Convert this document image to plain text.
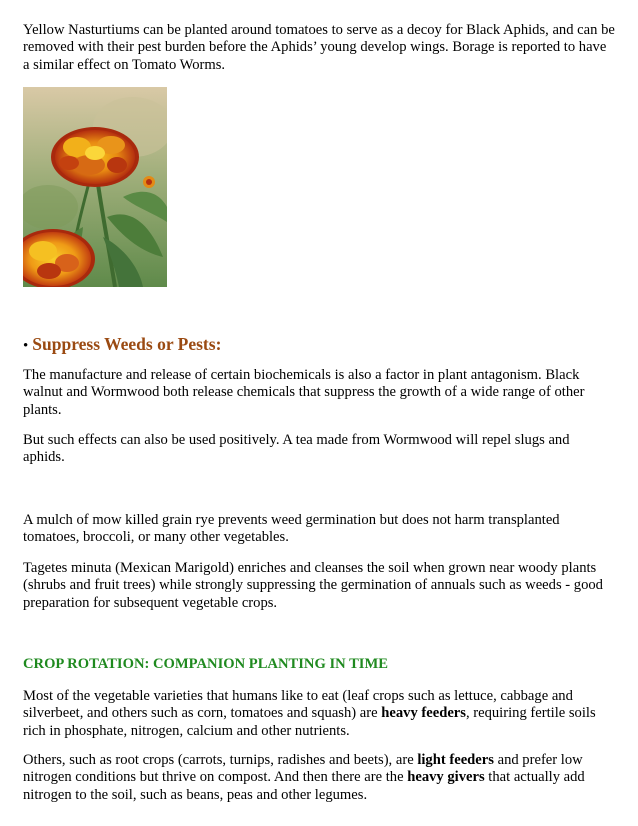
Yellow Nasturtiums can be planted around tomatoes to serve as a decoy for Black Aphids, and can be removed with their pest burden before the Aphids’ young develop wings. Borage is reported to have a similar effect on Tomato Worms.

• Suppress Weeds or Pests:

The manufacture and release of certain biochemicals is also a factor in plant antagonism. Black walnut and Wormwood both release chemicals that suppress the growth of a wide range of other plants.

But such effects can also be used positively. A tea made from Wormwood will repel slugs and aphids.

A mulch of mow killed grain rye prevents weed germination but does not harm transplanted tomatoes, broccoli, or many other vegetables.

Tagetes minuta (Mexican Marigold) enriches and cleanses the soil when grown near woody plants (shrubs and fruit trees) while strongly suppressing the germination of annuals such as weeds - good preparation for subsequent vegetable crops.

CROP ROTATION: COMPANION PLANTING IN TIME

Most of the vegetable varieties that humans like to eat (leaf crops such as lettuce, cabbage and silverbeet, and others such as corn, tomatoes and squash) are heavy feeders, requiring fertile soils rich in phosphate, nitrogen, calcium and other nutrients.

Others, such as root crops (carrots, turnips, radishes and beets), are light feeders and prefer low nitrogen conditions but thrive on compost. And then there are the heavy givers that actually add nitrogen to the soil, such as beans, peas and other legumes.
